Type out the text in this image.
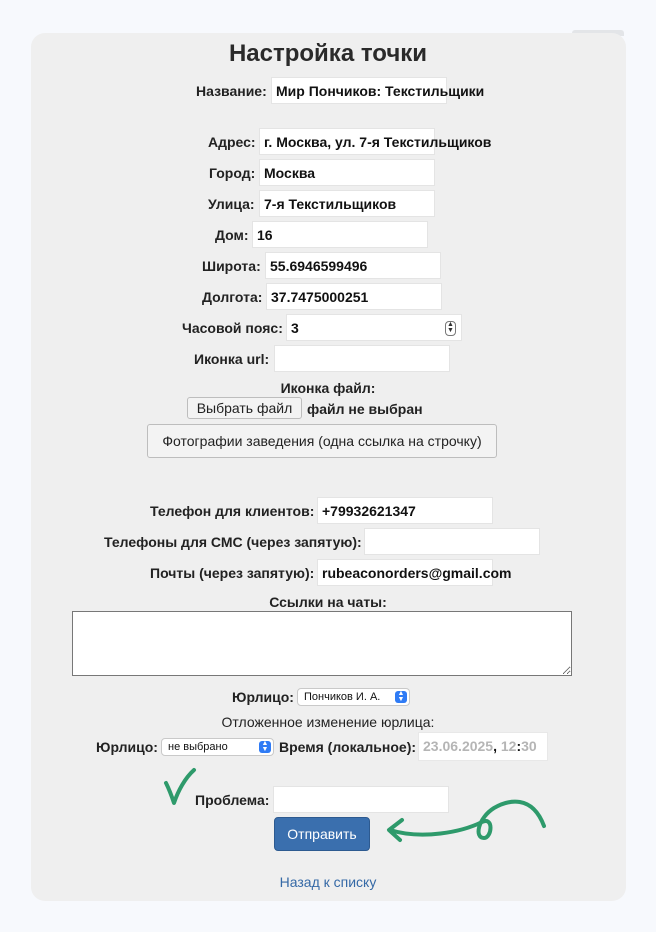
Настройка точки
Название: Мир Пончиков: Текстильщики
Адрес: г. Москва, ул. 7-я Текстильщиков
Город: Москва
Улица: 7-я Текстильщиков
Дом: 16
Широта: 55.6946599496
Долгота: 37.7475000251
Часовой пояс: 3	▲
▼
Иконка url:
Иконка файл:
Выбрать файл	файл не выбран
Фотографии заведения (одна ссылка на строчку)
Телефон для клиентов: +79932621347
Телефоны для СМС (через запятую):
Почты (через запятую): rubeaconorders@gmail.com
Ссылки на чаты:
Юрлицо: Пончиков И. А.	▲
▼
Отложенное изменение юрлица:
Юрлицо: не выбрано	▲
▼ Время (локальное): 23.06.2025, 12:30
Проблема:
Отправить
Назад к списку
